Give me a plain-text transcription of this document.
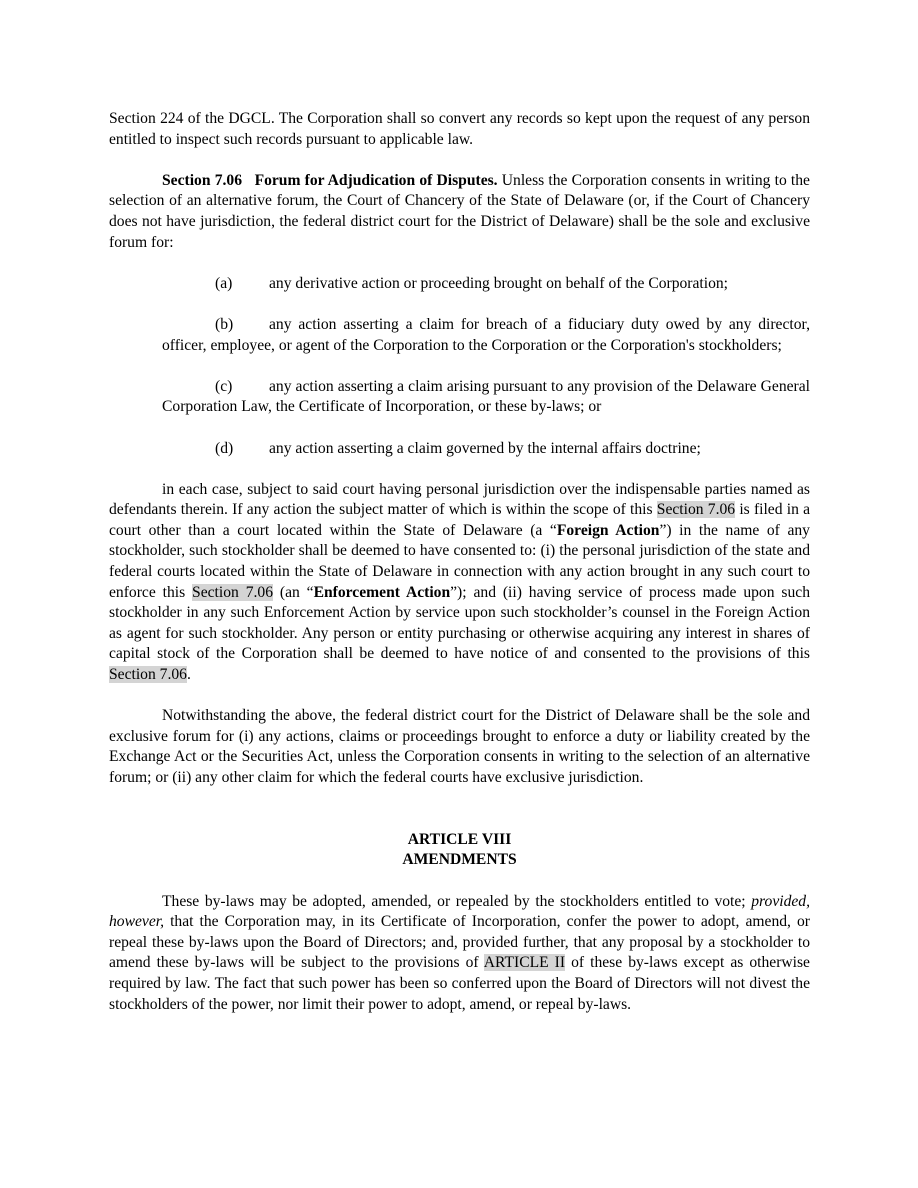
Section 224 of the DGCL. The Corporation shall so convert any records so kept upon the request of any person entitled to inspect such records pursuant to applicable law.

Section 7.06 Forum for Adjudication of Disputes. Unless the Corporation consents in writing to the selection of an alternative forum, the Court of Chancery of the State of Delaware (or, if the Court of Chancery does not have jurisdiction, the federal district court for the District of Delaware) shall be the sole and exclusive forum for:

(a) any derivative action or proceeding brought on behalf of the Corporation;

(b) any action asserting a claim for breach of a fiduciary duty owed by any director, officer, employee, or agent of the Corporation to the Corporation or the Corporation's stockholders;

(c) any action asserting a claim arising pursuant to any provision of the Delaware General Corporation Law, the Certificate of Incorporation, or these by-laws; or

(d) any action asserting a claim governed by the internal affairs doctrine;

in each case, subject to said court having personal jurisdiction over the indispensable parties named as defendants therein. If any action the subject matter of which is within the scope of this Section 7.06 is filed in a court other than a court located within the State of Delaware (a “Foreign Action”) in the name of any stockholder, such stockholder shall be deemed to have consented to: (i) the personal jurisdiction of the state and federal courts located within the State of Delaware in connection with any action brought in any such court to enforce this Section 7.06 (an “Enforcement Action”); and (ii) having service of process made upon such stockholder in any such Enforcement Action by service upon such stockholder’s counsel in the Foreign Action as agent for such stockholder. Any person or entity purchasing or otherwise acquiring any interest in shares of capital stock of the Corporation shall be deemed to have notice of and consented to the provisions of this Section 7.06.

Notwithstanding the above, the federal district court for the District of Delaware shall be the sole and exclusive forum for (i) any actions, claims or proceedings brought to enforce a duty or liability created by the Exchange Act or the Securities Act, unless the Corporation consents in writing to the selection of an alternative forum; or (ii) any other claim for which the federal courts have exclusive jurisdiction.

ARTICLE VIII

AMENDMENTS

These by-laws may be adopted, amended, or repealed by the stockholders entitled to vote; provided, however, that the Corporation may, in its Certificate of Incorporation, confer the power to adopt, amend, or repeal these by-laws upon the Board of Directors; and, provided further, that any proposal by a stockholder to amend these by-laws will be subject to the provisions of ARTICLE II of these by-laws except as otherwise required by law. The fact that such power has been so conferred upon the Board of Directors will not divest the stockholders of the power, nor limit their power to adopt, amend, or repeal by-laws.
